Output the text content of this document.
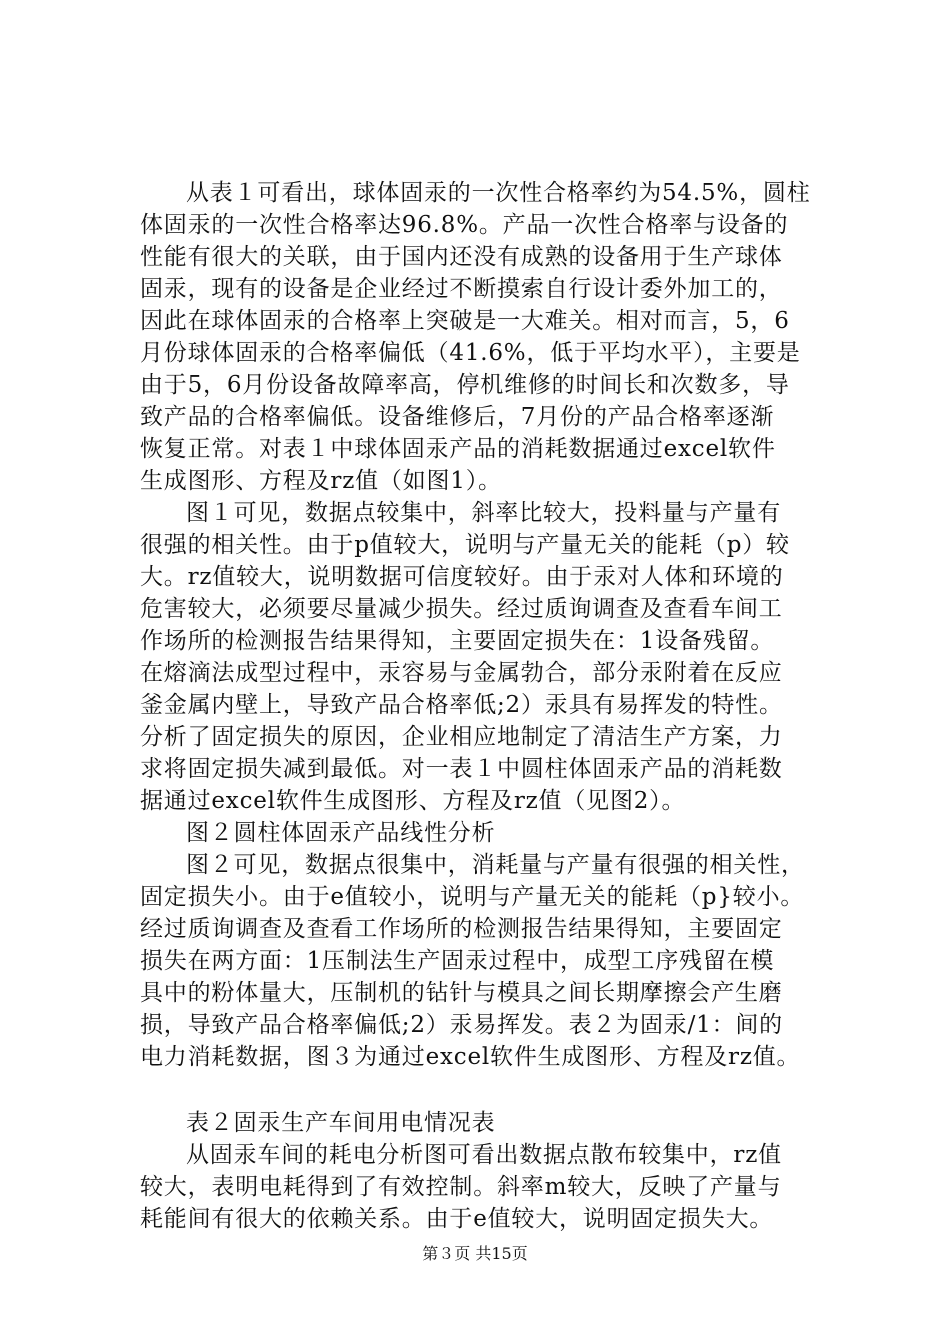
从表１可看出，球体固汞的一次性合格率约为54.5%，圆柱
体固汞的一次性合格率达96.8%。产品一次性合格率与设备的
性能有很大的关联，由于国内还没有成熟的设备用于生产球体
固汞，现有的设备是企业经过不断摸索自行设计委外加工的，
因此在球体固汞的合格率上突破是一大难关。相对而言，5，6
月份球体固汞的合格率偏低（41.6%，低于平均水平），主要是
由于5，6月份设备故障率高，停机维修的时间长和次数多，导
致产品的合格率偏低。设备维修后，7月份的产品合格率逐渐
恢复正常。对表１中球体固汞产品的消耗数据通过excel软件
生成图形、方程及rz值（如图1）。
图１可见，数据点较集中，斜率比较大，投料量与产量有
很强的相关性。由于p值较大，说明与产量无关的能耗（p）较
大。rz值较大，说明数据可信度较好。由于汞对人体和环境的
危害较大，必须要尽量减少损失。经过质询调查及查看车间工
作场所的检测报告结果得知，主要固定损失在：1设备残留。
在熔滴法成型过程中，汞容易与金属勃合，部分汞附着在反应
釜金属内壁上，导致产品合格率低;2）汞具有易挥发的特性。
分析了固定损失的原因，企业相应地制定了清洁生产方案，力
求将固定损失减到最低。对一表１中圆柱体固汞产品的消耗数
据通过excel软件生成图形、方程及rz值（见图2）。
图２圆柱体固汞产品线性分析
图２可见，数据点很集中，消耗量与产量有很强的相关性，
固定损失小。由于e值较小，说明与产量无关的能耗（p}较小。
经过质询调查及查看工作场所的检测报告结果得知，主要固定
损失在两方面：1压制法生产固汞过程中，成型工序残留在模
具中的粉体量大，压制机的钻针与模具之间长期摩擦会产生磨
损，导致产品合格率偏低;2）汞易挥发。表２为固汞/1：间的
电力消耗数据，图３为通过excel软件生成图形、方程及rz值。
表２固汞生产车间用电情况表
从固汞车间的耗电分析图可看出数据点散布较集中，rz值
较大，表明电耗得到了有效控制。斜率m较大，反映了产量与
耗能间有很大的依赖关系。由于e值较大，说明固定损失大。
第３页 共15页
